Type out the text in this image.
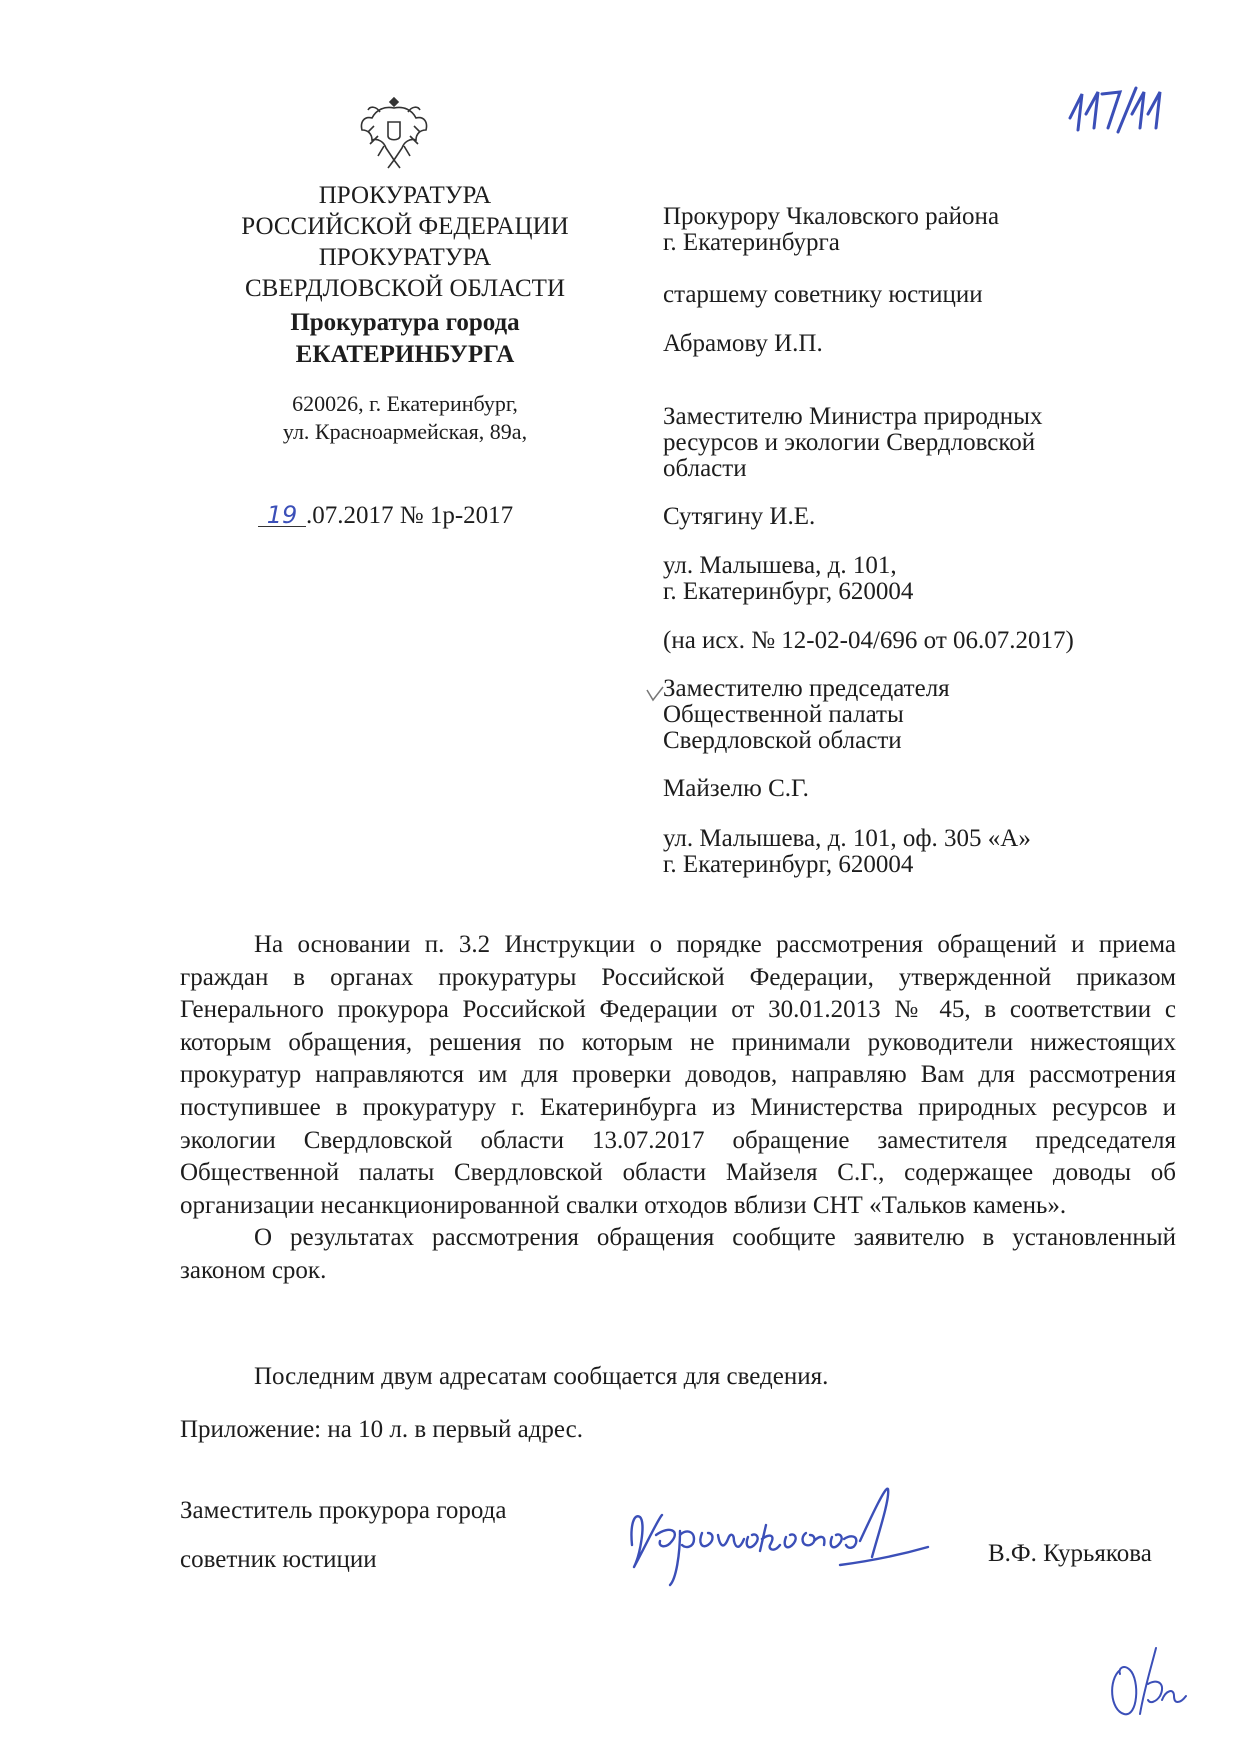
ПРОКУРАТУРА
РОССИЙСКОЙ ФЕДЕРАЦИИ
ПРОКУРАТУРА
СВЕРДЛОВСКОЙ ОБЛАСТИ
Прокуратура города
ЕКАТЕРИНБУРГА
620026, г. Екатеринбург,
ул. Красноармейская, 89а,
19 .07.2017 № 1р-2017
Прокурору Чкаловского района
г. Екатеринбурга
старшему советнику юстиции
Абрамову И.П.
Заместителю Министра природных
ресурсов и экологии Свердловской
области
Сутягину И.Е.
ул. Малышева, д. 101,
г. Екатеринбург, 620004
(на исх. № 12-02-04/696 от 06.07.2017)
Заместителю председателя
Общественной палаты
Свердловской области
Майзелю С.Г.
ул. Малышева, д. 101, оф. 305 «А»
г. Екатеринбург, 620004

На основании п. 3.2 Инструкции о порядке рассмотрения обращений и приема граждан в органах прокуратуры Российской Федерации, утвержденной приказом Генерального прокурора Российской Федерации от 30.01.2013 № 45, в соответствии с которым обращения, решения по которым не принимали руководители нижестоящих прокуратур направляются им для проверки доводов, направляю Вам для рассмотрения поступившее в прокуратуру г. Екатеринбурга из Министерства природных ресурсов и экологии Свердловской области 13.07.2017 обращение заместителя председателя Общественной палаты Свердловской области Майзеля С.Г., содержащее доводы об организации несанкционированной свалки отходов вблизи СНТ «Тальков камень».

О результатах рассмотрения обращения сообщите заявителю в установленный законом срок.

Последним двум адресатам сообщается для сведения.
Приложение: на 10 л. в первый адрес.
Заместитель прокурора города
советник юстиции	В.Ф. Курьякова
